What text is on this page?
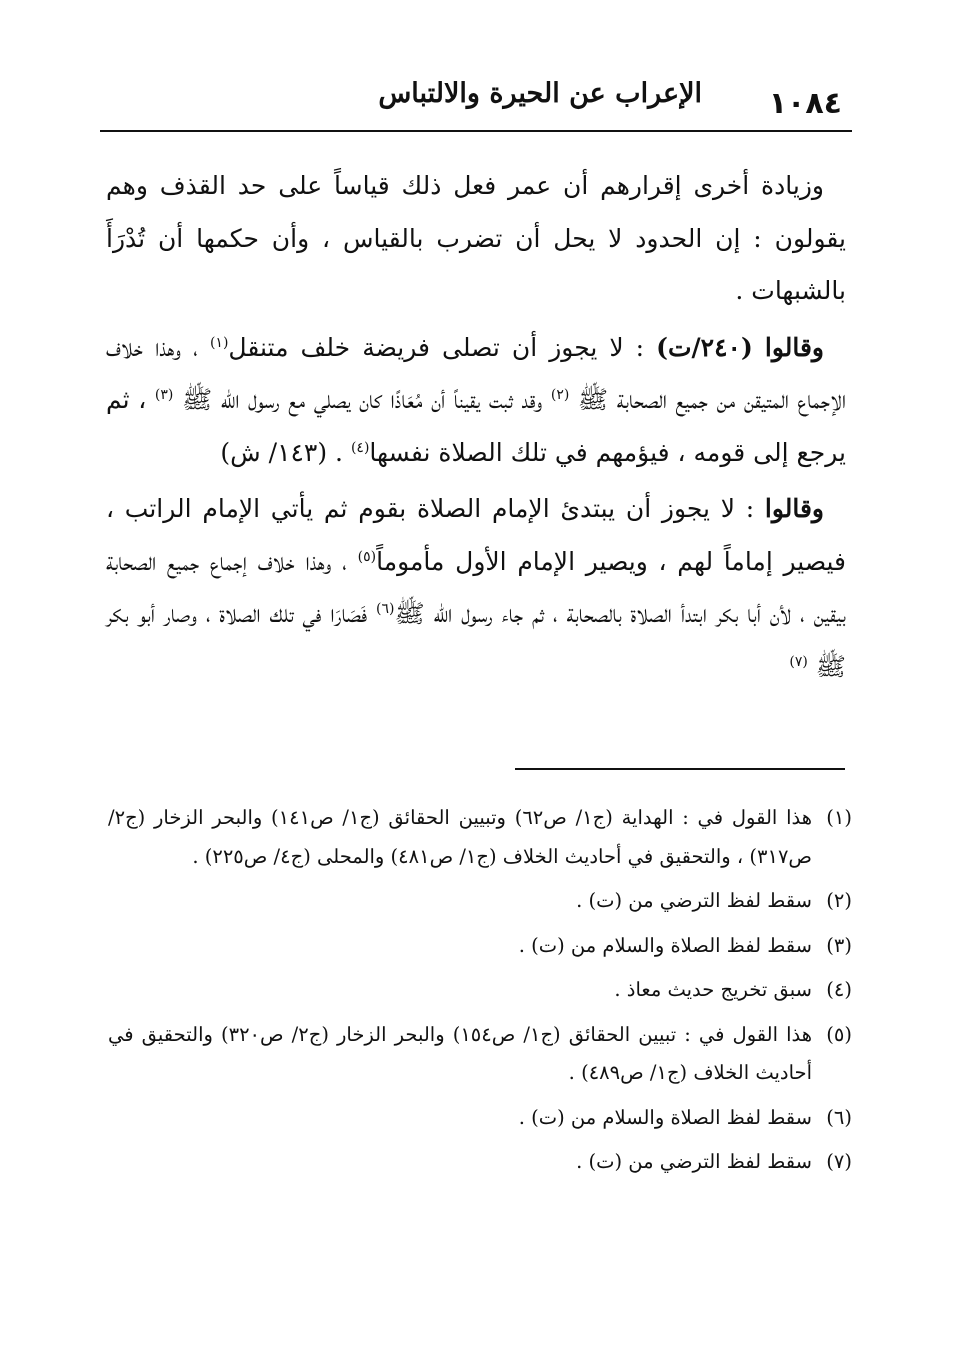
الإعراب عن الحيرة والالتباس ١٠٨٤

وزيادة أخرى إقرارهم أن عمر فعل ذلك قياساً على حد القذف وهم يقولون : إن الحدود لا يحل أن تضرب بالقياس ، وأن حكمها أن تُدْرَأَ بالشبهات .

وقالوا (٢٤٠/ت) : لا يجوز أن تصلى فريضة خلف متنقل$^{(١)}$ ، وهذا خلاف الإجماع المتيقن من جميع الصحابة ﷺ $^{(٢)}$ وقد ثبت يقيناً أن مُعَاذًا كان يصلي مع رسول الله ﷺ $^{(٣)}$ ، ثم يرجع إلى قومه ، فيؤمهم في تلك الصلاة نفسها$^{(٤)}$ . (١٤٣/ ش)

وقالوا : لا يجوز أن يبتدئ الإمام الصلاة بقوم ثم يأتي الإمام الراتب ، فيصير إماماً لهم ، ويصير الإمام الأول مأموماً$^{(٥)}$ ، وهذا خلاف إجماع جميع الصحابة بيقين ، لأن أبا بكر ابتدأ الصلاة بالصحابة ، ثم جاء رسول الله ﷺ$^{(٦)}$ فَصَارَا في تلك الصلاة ، وصار أبو بكر ﷺ $^{(٧)}$

(١)
هذا القول في : الهداية (ج١/ ص٦٢) وتبيين الحقائق (ج١/ ص١٤١) والبحر الزخار (ج٢/ ص٣١٧) ، والتحقيق في أحاديث الخلاف (ج١/ ص٤٨١) والمحلى (ج٤/ ص٢٢٥) .
(٢)
سقط لفظ الترضي من (ت) .
(٣)
سقط لفظ الصلاة والسلام من (ت) .
(٤)
سبق تخريج حديث معاذ .
(٥)
هذا القول في : تبيين الحقائق (ج١/ ص١٥٤) والبحر الزخار (ج٢/ ص٣٢٠) والتحقيق في أحاديث الخلاف (ج١/ ص٤٨٩) .
(٦)
سقط لفظ الصلاة والسلام من (ت) .
(٧)
سقط لفظ الترضي من (ت) .
